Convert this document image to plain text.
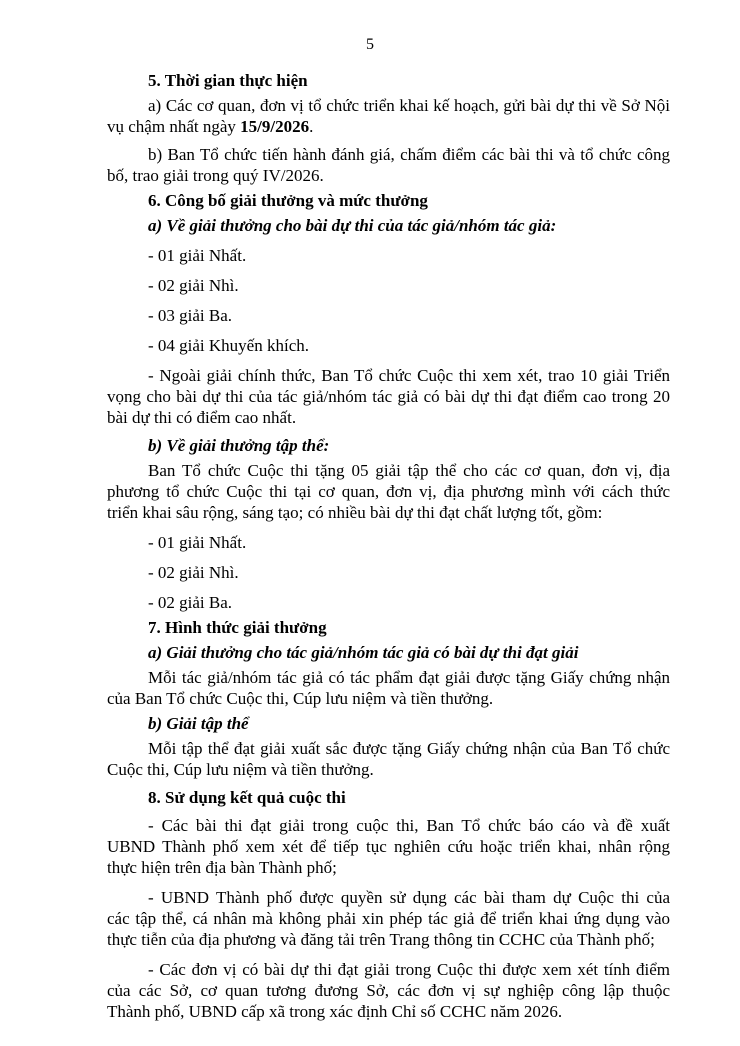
5

5. Thời gian thực hiện

a) Các cơ quan, đơn vị tổ chức triển khai kế hoạch, gửi bài dự thi về Sở Nội

vụ chậm nhất ngày 15/9/2026.

b) Ban Tổ chức tiến hành đánh giá, chấm điểm các bài thi và tổ chức công

bố, trao giải trong quý IV/2026.

6. Công bố giải thưởng và mức thưởng

a) Về giải thưởng cho bài dự thi của tác giả/nhóm tác giả:

- 01 giải Nhất.

- 02 giải Nhì.

- 03 giải Ba.

- 04 giải Khuyến khích.

- Ngoài giải chính thức, Ban Tổ chức Cuộc thi xem xét, trao 10 giải Triển

vọng cho bài dự thi của tác giả/nhóm tác giả có bài dự thi đạt điểm cao trong 20

bài dự thi có điểm cao nhất.

b) Về giải thưởng tập thể:

Ban Tổ chức Cuộc thi tặng 05 giải tập thể cho các cơ quan, đơn vị, địa

phương tổ chức Cuộc thi tại cơ quan, đơn vị, địa phương mình với cách thức

triển khai sâu rộng, sáng tạo; có nhiều bài dự thi đạt chất lượng tốt, gồm:

- 01 giải Nhất.

- 02 giải Nhì.

- 02 giải Ba.

7. Hình thức giải thưởng

a) Giải thưởng cho tác giả/nhóm tác giả có bài dự thi đạt giải

Mỗi tác giả/nhóm tác giả có tác phẩm đạt giải được tặng Giấy chứng nhận

của Ban Tổ chức Cuộc thi, Cúp lưu niệm và tiền thưởng.

b) Giải tập thể

Mỗi tập thể đạt giải xuất sắc được tặng Giấy chứng nhận của Ban Tổ chức

Cuộc thi, Cúp lưu niệm và tiền thưởng.

8. Sử dụng kết quả cuộc thi

- Các bài thi đạt giải trong cuộc thi, Ban Tổ chức báo cáo và đề xuất

UBND Thành phố xem xét để tiếp tục nghiên cứu hoặc triển khai, nhân rộng

thực hiện trên địa bàn Thành phố;

- UBND Thành phố được quyền sử dụng các bài tham dự Cuộc thi của

các tập thể, cá nhân mà không phải xin phép tác giả để triển khai ứng dụng vào

thực tiễn của địa phương và đăng tải trên Trang thông tin CCHC của Thành phố;

- Các đơn vị có bài dự thi đạt giải trong Cuộc thi được xem xét tính điểm

của các Sở, cơ quan tương đương Sở, các đơn vị sự nghiệp công lập thuộc

Thành phố, UBND cấp xã trong xác định Chỉ số CCHC năm 2026.
